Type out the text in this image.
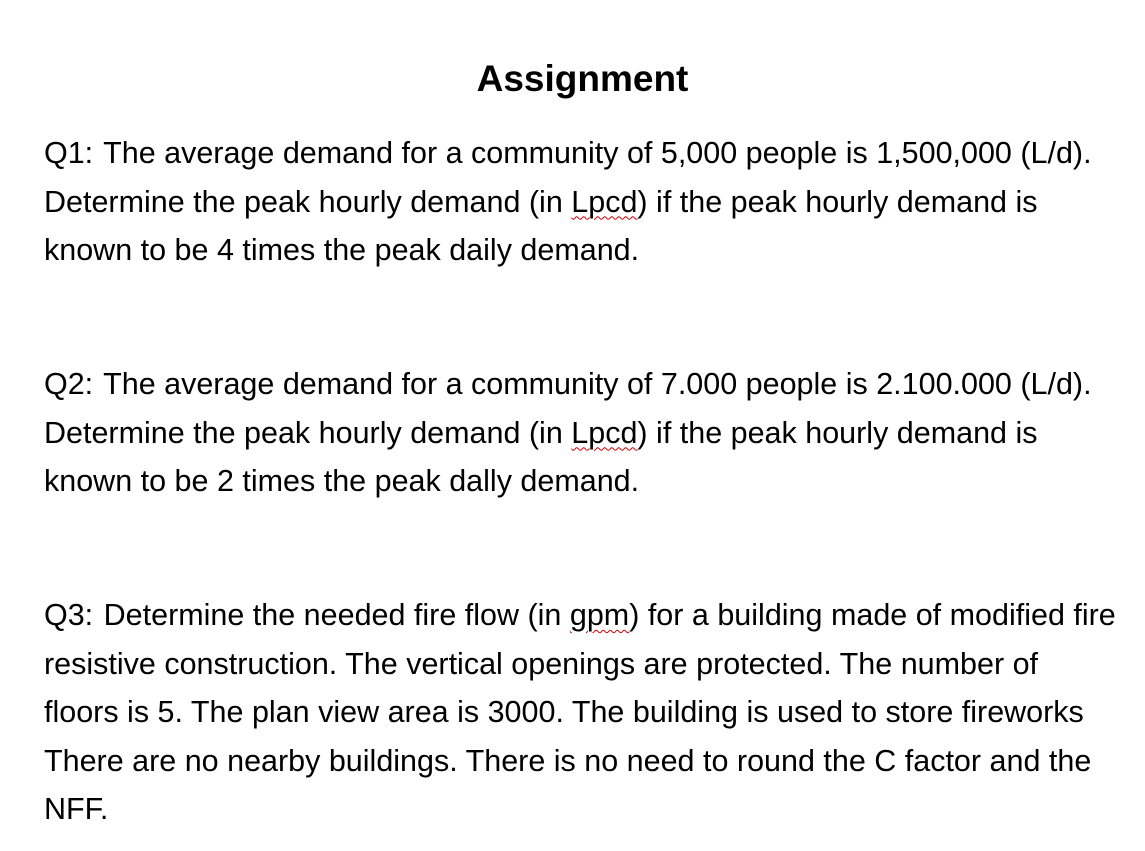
Assignment
Q1: The average demand for a community of 5,000 people is 1,500,000 (L/d). Determine the peak hourly demand (in Lpcd) if the peak hourly demand is known to be 4 times the peak daily demand.
Q2: The average demand for a community of 7.000 people is 2.100.000 (L/d). Determine the peak hourly demand (in Lpcd) if the peak hourly demand is known to be 2 times the peak dally demand.
Q3: Determine the needed fire flow (in gpm) for a building made of modified fire resistive construction. The vertical openings are protected. The number of floors is 5. The plan view area is 3000. The building is used to store fireworks There are no nearby buildings. There is no need to round the C factor and the NFF.
